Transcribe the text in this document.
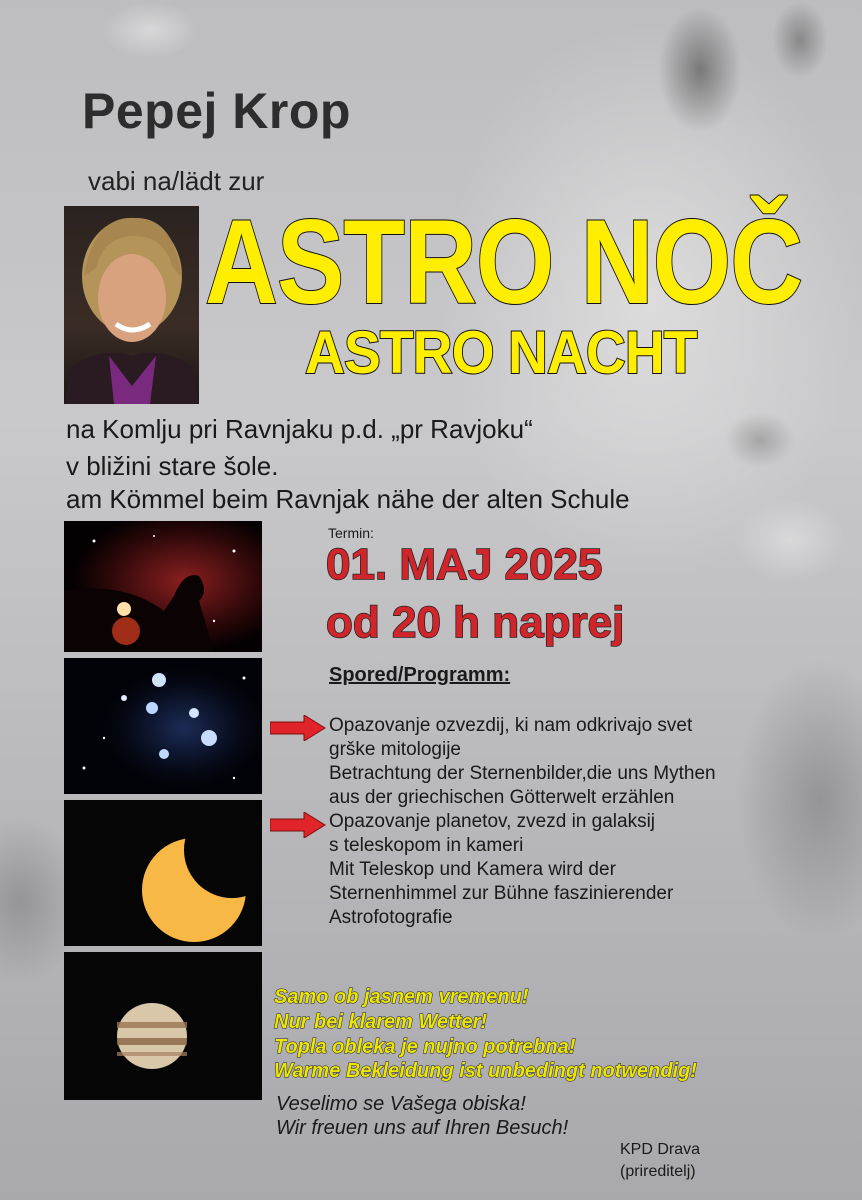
Pepej Krop
vabi na/lädt zur
ASTRO NOČ
ASTRO NACHT
na Komlju pri Ravnjaku p.d. „pr Ravjoku“
v bližini stare šole.
am Kömmel beim Ravnjak nähe der alten Schule
Termin:
01. MAJ 2025
od 20 h naprej
Spored/Programm:
Opazovanje ozvezdij, ki nam odkrivajo svet
grške mitologije
Betrachtung der Sternenbilder,die uns Mythen
aus der griechischen Götterwelt erzählen
Opazovanje planetov, zvezd in galaksij
s teleskopom in kameri
Mit Teleskop und Kamera wird der
Sternenhimmel zur Bühne faszinierender
Astrofotografie
Samo ob jasnem vremenu!
Nur bei klarem Wetter!
Topla obleka je nujno potrebna!
Warme Bekleidung ist unbedingt notwendig!
Veselimo se Vašega obiska!
Wir freuen uns auf Ihren Besuch!
KPD Drava
(prireditelj)
